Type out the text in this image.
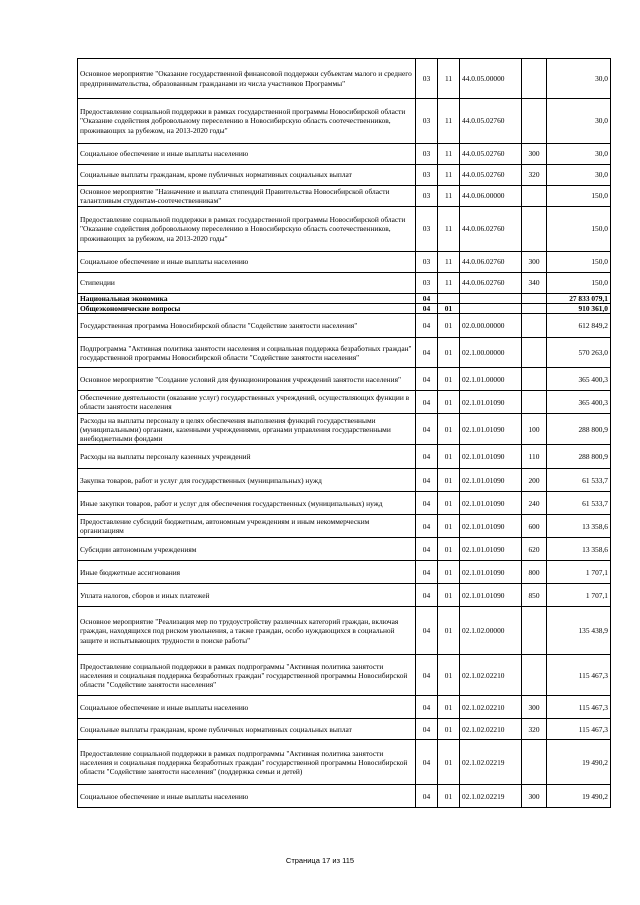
Основное мероприятие "Оказание государственной финансовой поддержки субъектам малого и среднего предпринимательства, образованным гражданами из числа участников Программы"	03	11	44.0.05.00000		30,0
Предоставление социальной поддержки в рамках государственной программы Новосибирской области "Оказание содействия добровольному переселению в Новосибирскую область соотечественников, проживающих за рубежом, на 2013-2020 годы"	03	11	44.0.05.02760		30,0
Социальное обеспечение и иные выплаты населению	03	11	44.0.05.02760	300	30,0
Социальные выплаты гражданам, кроме публичных нормативных социальных выплат	03	11	44.0.05.02760	320	30,0
Основное мероприятие "Назначение и выплата стипендий Правительства Новосибирской области талантливым студентам-соотечественникам"	03	11	44.0.06.00000		150,0
Предоставление социальной поддержки в рамках государственной программы Новосибирской области "Оказание содействия добровольному переселению в Новосибирскую область соотечественников, проживающих за рубежом, на 2013-2020 годы"	03	11	44.0.06.02760		150,0
Социальное обеспечение и иные выплаты населению	03	11	44.0.06.02760	300	150,0
Стипендии	03	11	44.0.06.02760	340	150,0
Национальная экономика	04				27 833 079,1
Общеэкономические вопросы	04	01			910 361,0
Государственная программа Новосибирской области "Содействие занятости населения"	04	01	02.0.00.00000		612 849,2
Подпрограмма "Активная политика занятости населения и социальная поддержка безработных граждан" государственной программы Новосибирской области "Содействие занятости населения"	04	01	02.1.00.00000		570 263,0
Основное мероприятие "Создание условий для функционирования учреждений занятости населения"	04	01	02.1.01.00000		365 400,3
Обеспечение деятельности (оказание услуг) государственных учреждений, осуществляющих функции в области занятости населения	04	01	02.1.01.01090		365 400,3
Расходы на выплаты персоналу в целях обеспечения выполнения функций государственными (муниципальными) органами, казенными учреждениями, органами управления государственными внебюджетными фондами	04	01	02.1.01.01090	100	288 800,9
Расходы на выплаты персоналу казенных учреждений	04	01	02.1.01.01090	110	288 800,9
Закупка товаров, работ и услуг для государственных (муниципальных) нужд	04	01	02.1.01.01090	200	61 533,7
Иные закупки товаров, работ и услуг для обеспечения государственных (муниципальных) нужд	04	01	02.1.01.01090	240	61 533,7
Предоставление субсидий бюджетным, автономным учреждениям и иным некоммерческим организациям	04	01	02.1.01.01090	600	13 358,6
Субсидии автономным учреждениям	04	01	02.1.01.01090	620	13 358,6
Иные бюджетные ассигнования	04	01	02.1.01.01090	800	1 707,1
Уплата налогов, сборов и иных платежей	04	01	02.1.01.01090	850	1 707,1
Основное мероприятие "Реализация мер по трудоустройству различных категорий граждан, включая граждан, находящихся под риском увольнения, а также граждан, особо нуждающихся в социальной защите и испытывающих трудности в поиске работы"	04	01	02.1.02.00000		135 438,9
Предоставление социальной поддержки в рамках подпрограммы "Активная политика занятости населения и социальная поддержка безработных граждан" государственной программы Новосибирской области "Содействие занятости населения"	04	01	02.1.02.02210		115 467,3
Социальное обеспечение и иные выплаты населению	04	01	02.1.02.02210	300	115 467,3
Социальные выплаты гражданам, кроме публичных нормативных социальных выплат	04	01	02.1.02.02210	320	115 467,3
Предоставление социальной поддержки в рамках подпрограммы "Активная политика занятости населения и социальная поддержка безработных граждан" государственной программы Новосибирской области "Содействие занятости населения" (поддержка семьи и детей)	04	01	02.1.02.02219		19 490,2
Социальное обеспечение и иные выплаты населению	04	01	02.1.02.02219	300	19 490,2
Страница 17 из 115
